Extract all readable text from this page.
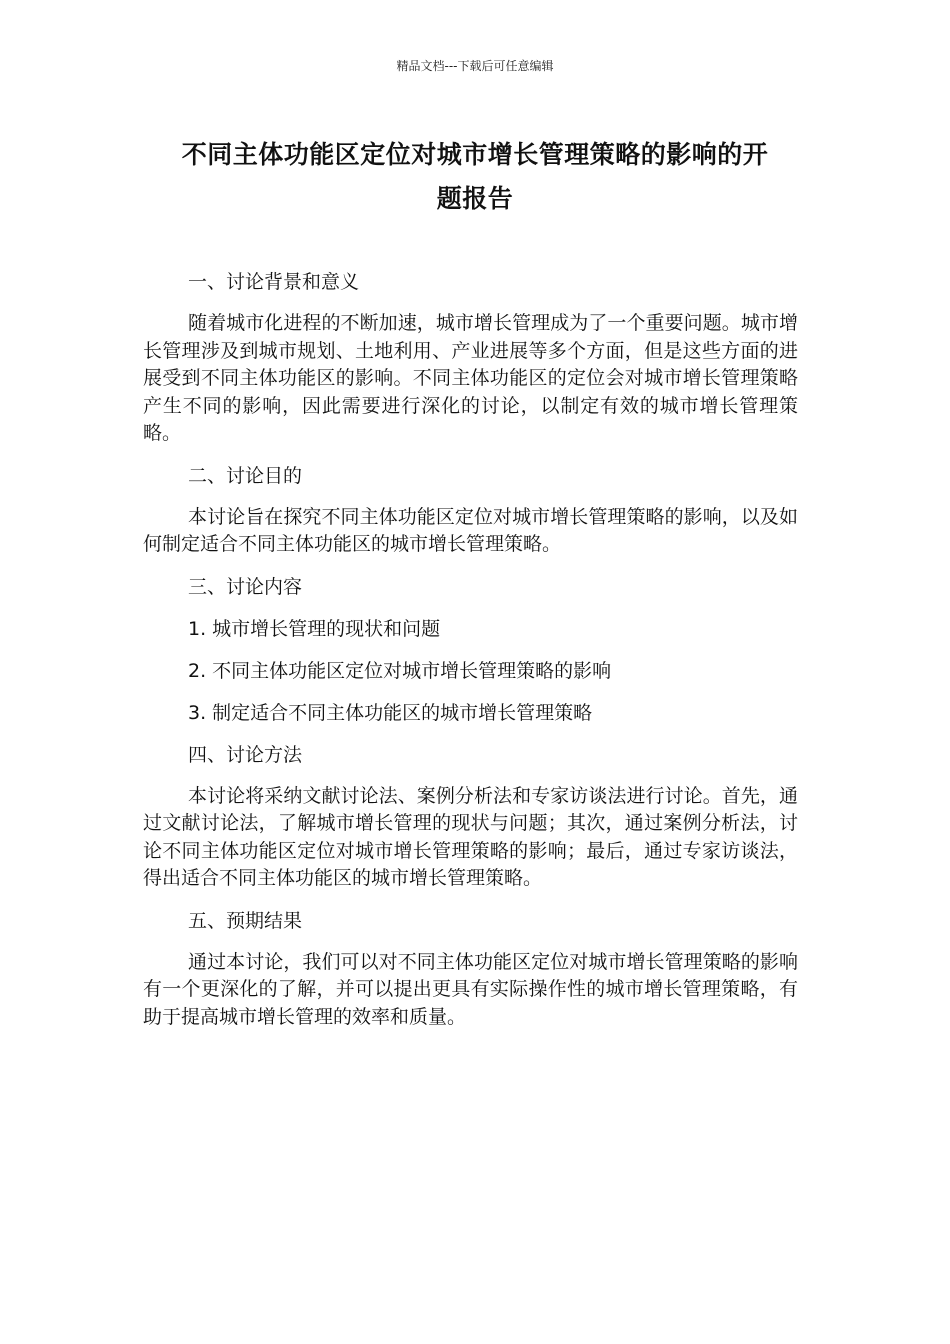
精品文档---下载后可任意编辑
不同主体功能区定位对城市增长管理策略的影响的开
题报告

一、讨论背景和意义

随着城市化进程的不断加速，城市增长管理成为了一个重要问题。城市增长管理涉及到城市规划、土地利用、产业进展等多个方面，但是这些方面的进展受到不同主体功能区的影响。不同主体功能区的定位会对城市增长管理策略产生不同的影响，因此需要进行深化的讨论，以制定有效的城市增长管理策略。

二、讨论目的

本讨论旨在探究不同主体功能区定位对城市增长管理策略的影响，以及如何制定适合不同主体功能区的城市增长管理策略。

三、讨论内容

1. 城市增长管理的现状和问题

2. 不同主体功能区定位对城市增长管理策略的影响

3. 制定适合不同主体功能区的城市增长管理策略

四、讨论方法

本讨论将采纳文献讨论法、案例分析法和专家访谈法进行讨论。首先，通过文献讨论法，了解城市增长管理的现状与问题；其次，通过案例分析法，讨论不同主体功能区定位对城市增长管理策略的影响；最后，通过专家访谈法，得出适合不同主体功能区的城市增长管理策略。

五、预期结果

通过本讨论，我们可以对不同主体功能区定位对城市增长管理策略的影响有一个更深化的了解，并可以提出更具有实际操作性的城市增长管理策略，有助于提高城市增长管理的效率和质量。
